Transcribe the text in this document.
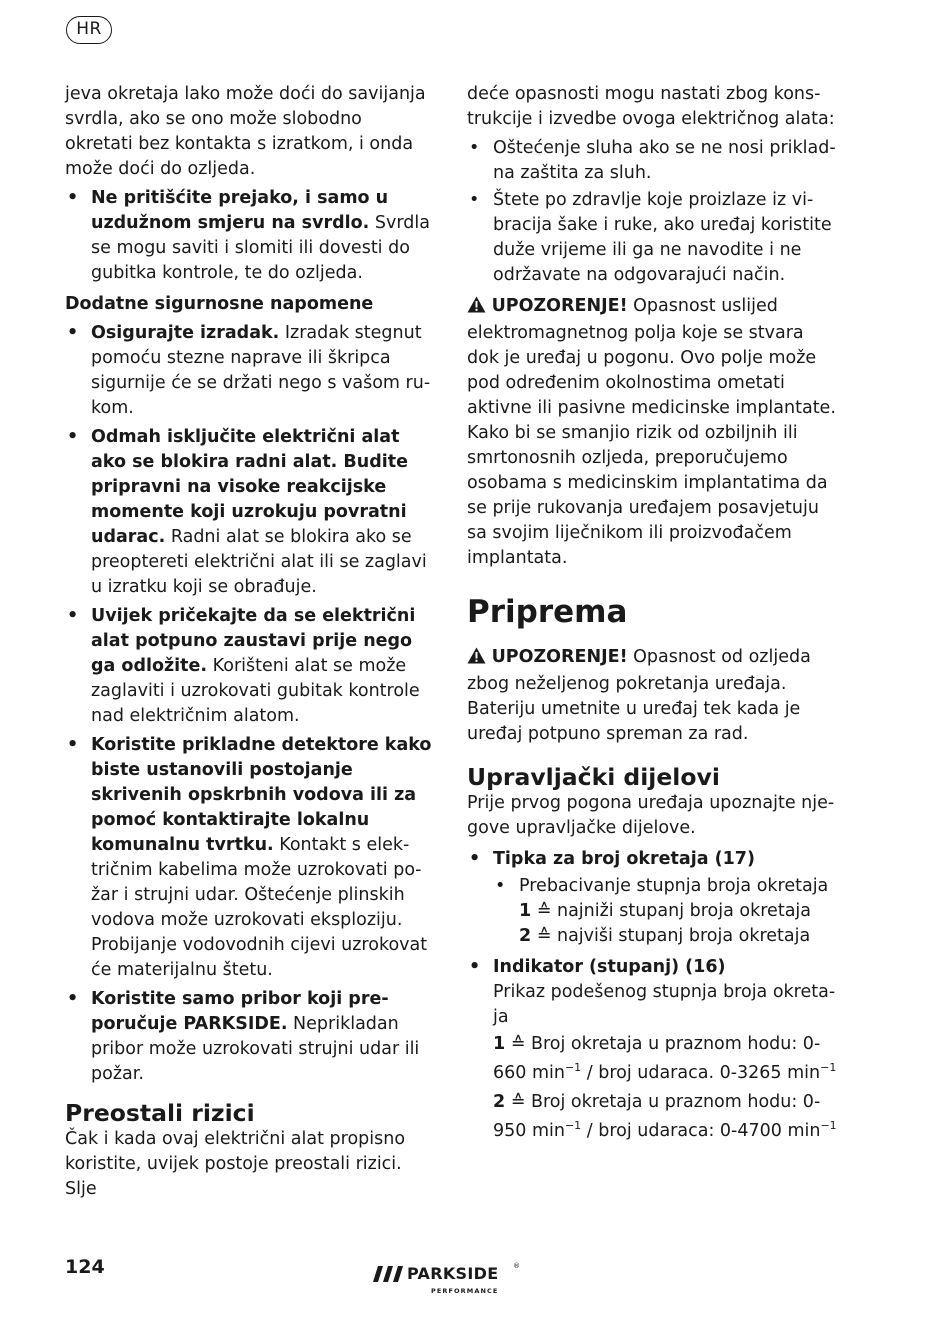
HR

jeva okretaja lako može doći do savijanja svrdla, ako se ono može slobodno okretati bez kontakta s izratkom, i onda može doći do ozljeda.

• Ne pritišćite prejako, i samo u uzdužnom smjeru na svrdlo. Svrdla se mogu saviti i slomiti ili dovesti do gubitka kontrole, te do ozljeda.
Dodatne sigurnosne napomene
• Osigurajte izradak. Izradak stegnut pomoću stezne naprave ili škripca sigurnije će se držati nego s vašom rukom.
• Odmah isključite električni alat ako se blokira radni alat. Budite pripravni na visoke reakcijske momente koji uzrokuju povratni udarac. Radni alat se blokira ako se preoptereti električni alat ili se zaglavi u izratku koji se obrađuje.
• Uvijek pričekajte da se električni alat potpuno zaustavi prije nego ga odložite. Korišteni alat se može zaglaviti i uzrokovati gubitak kontrole nad električnim alatom.
• Koristite prikladne detektore kako biste ustanovili postojanje skrivenih opskrbnih vodova ili za pomoć kontaktirajte lokalnu komunalnu tvrtku. Kontakt s električnim kabelima može uzrokovati požar i strujni udar. Oštećenje plinskih vodova može uzrokovati eksploziju. Probijanje vodovodnih cijevi uzrokovat će materijalnu štetu.
• Koristite samo pribor koji preporučuje PARKSIDE. Neprikladan pribor može uzrokovati strujni udar ili požar.
Preostali rizici

Čak i kada ovaj električni alat propisno koristite, uvijek postoje preostali rizici. Slje

deće opasnosti mogu nastati zbog konstrukcije i izvedbe ovoga električnog alata:

• Oštećenje sluha ako se ne nosi prikladna zaštita za sluh.
• Štete po zdravlje koje proizlaze iz vibracija šake i ruke, ako uređaj koristite duže vrijeme ili ga ne navodite i ne održavate na odgovarajući način.

UPOZORENJE! Opasnost uslijed elektromagnetnog polja koje se stvara dok je uređaj u pogonu. Ovo polje može pod određenim okolnostima ometati aktivne ili pasivne medicinske implantate. Kako bi se smanjio rizik od ozbiljnih ili smrtonosnih ozljeda, preporučujemo osobama s medicinskim implantatima da se prije rukovanja uređajem posavjetuju sa svojim liječnikom ili proizvođačem implantata.

Priprema

UPOZORENJE! Opasnost od ozljeda zbog neželjenog pokretanja uređaja. Bateriju umetnite u uređaj tek kada je uređaj potpuno spreman za rad.

Upravljački dijelovi

Prije prvog pogona uređaja upoznajte njegove upravljačke dijelove.

• Tipka za broj okretaja (17)
• Prebacivanje stupnja broja okretaja
1 ≙ najniži stupanj broja okretaja
2 ≙ najviši stupanj broja okretaja
• Indikator (stupanj) (16)
Prikaz podešenog stupnja broja okretaja
1 ≙ Broj okretaja u praznom hodu: 0-660 $\min^{-1}$ / broj udaraca. 0-3265 $\min^{-1}$
2 ≙ Broj okretaja u praznom hodu: 0-950 $\min^{-1}$ / broj udaraca: 0-4700 $\min^{-1}$
124	PARKSIDE ®
PERFORMANCE
